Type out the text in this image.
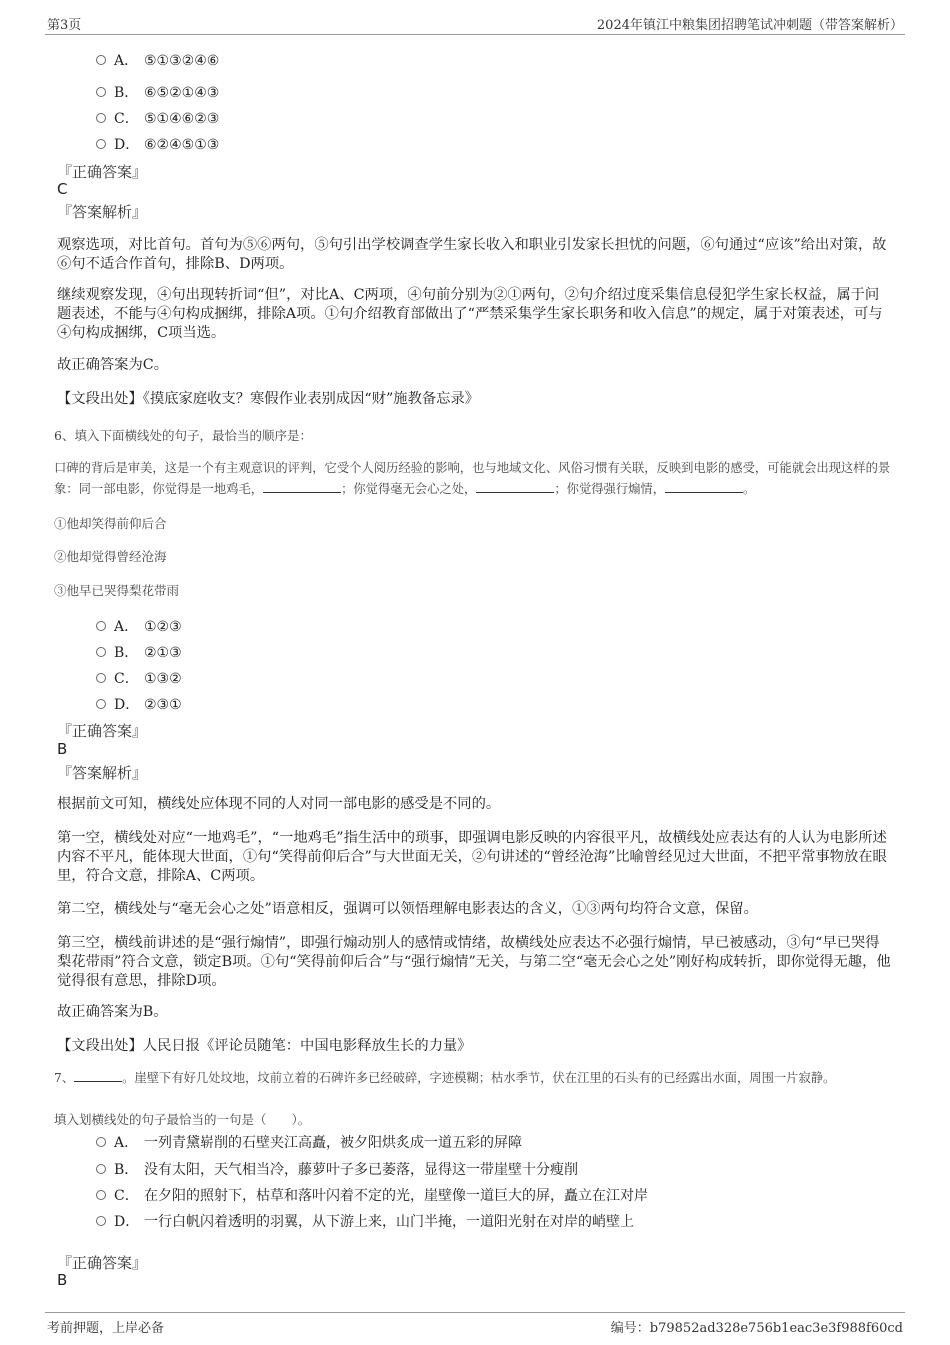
第3页	2024年镇江中粮集团招聘笔试冲刺题（带答案解析）
A． ⑤①③②④⑥
B． ⑥⑤②①④③
C． ⑤①④⑥②③
D． ⑥②④⑤①③
『正确答案』
C
『答案解析』
观察选项，对比首句。首句为⑤⑥两句，⑤句引出学校调查学生家长收入和职业引发家长担忧的问题，⑥句通过“应该”给出对策，故⑥句不适合作首句，排除B、D两项。
继续观察发现，④句出现转折词“但”，对比A、C两项，④句前分别为②①两句，②句介绍过度采集信息侵犯学生家长权益，属于问题表述，不能与④句构成捆绑，排除A项。①句介绍教育部做出了“严禁采集学生家长职务和收入信息”的规定，属于对策表述，可与④句构成捆绑，C项当选。
故正确答案为C。
【文段出处】《摸底家庭收支？寒假作业表别成因“财”施教备忘录》
6、填入下面横线处的句子，最恰当的顺序是：
口碑的背后是审美，这是一个有主观意识的评判，它受个人阅历经验的影响，也与地域文化、风俗习惯有关联，反映到电影的感受，可能就会出现这样的景象：同一部电影，你觉得是一地鸡毛，	；你觉得毫无会心之处，	；你觉得强行煽情，	。
①他却笑得前仰后合
②他却觉得曾经沧海
③他早已哭得梨花带雨
A． ①②③
B． ②①③
C． ①③②
D． ②③①
『正确答案』
B
『答案解析』
根据前文可知，横线处应体现不同的人对同一部电影的感受是不同的。
第一空，横线处对应“一地鸡毛”，“一地鸡毛”指生活中的琐事，即强调电影反映的内容很平凡，故横线处应表达有的人认为电影所述内容不平凡，能体现大世面，①句“笑得前仰后合”与大世面无关，②句讲述的“曾经沧海”比喻曾经见过大世面，不把平常事物放在眼里，符合文意，排除A、C两项。
第二空，横线处与“毫无会心之处”语意相反，强调可以领悟理解电影表达的含义，①③两句均符合文意，保留。
第三空，横线前讲述的是“强行煽情”，即强行煽动别人的感情或情绪，故横线处应表达不必强行煽情，早已被感动，③句“早已哭得梨花带雨”符合文意，锁定B项。①句“笑得前仰后合”与“强行煽情”无关，与第二空“毫无会心之处”刚好构成转折，即你觉得无趣，他觉得很有意思，排除D项。
故正确答案为B。
【文段出处】人民日报《评论员随笔：中国电影释放生长的力量》
7、	。崖壁下有好几处坟地，坟前立着的石碑许多已经破碎，字迹模糊；枯水季节，伏在江里的石头有的已经露出水面，周围一片寂静。
填入划横线处的句子最恰当的一句是（　　）。
A． 一列青黛崭削的石壁夹江高矗，被夕阳烘炙成一道五彩的屏障
B． 没有太阳，天气相当冷，藤萝叶子多已萎落，显得这一带崖壁十分瘦削
C． 在夕阳的照射下，枯草和落叶闪着不定的光，崖壁像一道巨大的屏，矗立在江对岸
D． 一行白帆闪着透明的羽翼，从下游上来，山门半掩，一道阳光射在对岸的峭壁上
『正确答案』
B
考前押题，上岸必备	编号：b79852ad328e756b1eac3e3f988f60cd
